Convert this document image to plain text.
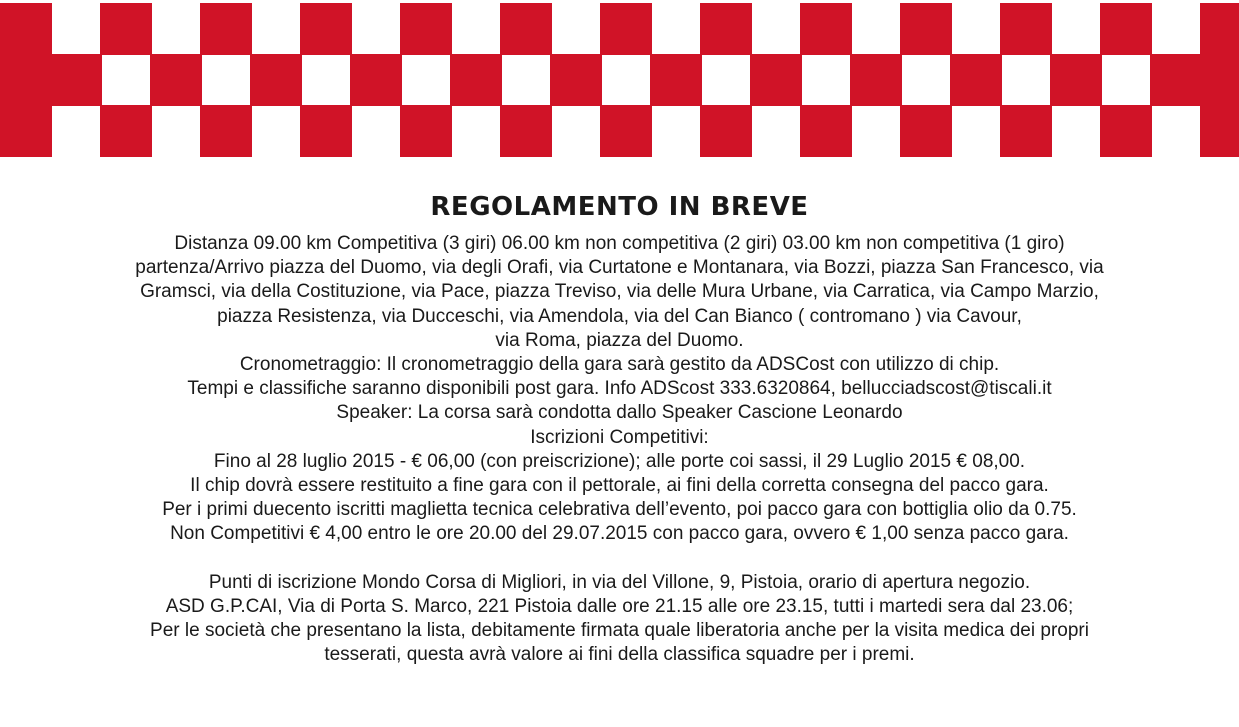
REGOLAMENTO IN BREVE
Distanza 09.00 km Competitiva (3 giri) 06.00 km non competitiva (2 giri) 03.00 km non competitiva (1 giro)
partenza/Arrivo piazza del Duomo, via degli Orafi, via Curtatone e Montanara, via Bozzi, piazza San Francesco, via
Gramsci, via della Costituzione, via Pace, piazza Treviso, via delle Mura Urbane, via Carratica, via Campo Marzio,
piazza Resistenza, via Ducceschi, via Amendola, via del Can Bianco ( contromano ) via Cavour,
via Roma, piazza del Duomo.
Cronometraggio: Il cronometraggio della gara sarà gestito da ADSCost con utilizzo di chip.
Tempi e classifiche saranno disponibili post gara. Info ADScost 333.6320864, bellucciadscost@tiscali.it
Speaker: La corsa sarà condotta dallo Speaker Cascione Leonardo
Iscrizioni Competitivi:
Fino al 28 luglio 2015 - € 06,00 (con preiscrizione); alle porte coi sassi, il 29 Luglio 2015 € 08,00.
Il chip dovrà essere restituito a fine gara con il pettorale, ai fini della corretta consegna del pacco gara.
Per i primi duecento iscritti maglietta tecnica celebrativa dell’evento, poi pacco gara con bottiglia olio da 0.75.
Non Competitivi € 4,00 entro le ore 20.00 del 29.07.2015 con pacco gara, ovvero € 1,00 senza pacco gara.
Punti di iscrizione Mondo Corsa di Migliori, in via del Villone, 9, Pistoia, orario di apertura negozio.
ASD G.P.CAI, Via di Porta S. Marco, 221 Pistoia dalle ore 21.15 alle ore 23.15, tutti i martedi sera dal 23.06;
Per le società che presentano la lista, debitamente firmata quale liberatoria anche per la visita medica dei propri
tesserati, questa avrà valore ai fini della classifica squadre per i premi.
